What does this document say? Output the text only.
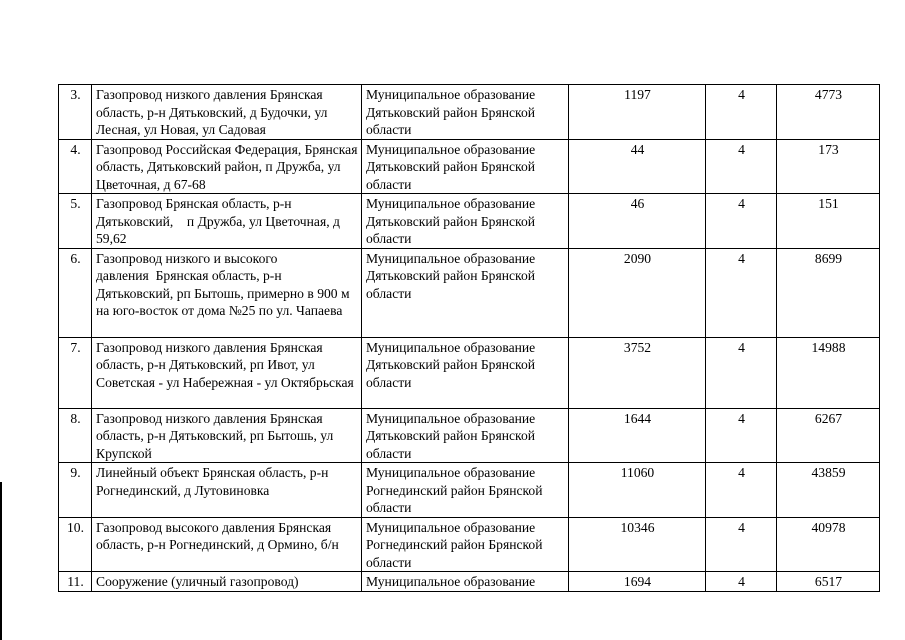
3.	Газопровод низкого давления Брянская область, р-н Дятьковский, д Будочки, ул Лесная, ул Новая, ул Садовая	Муниципальное образование Дятьковский район Брянской области	1197	4	4773
4.	Газопровод Российская Федерация, Брянская область, Дятьковский район, п Дружба, ул Цветочная, д 67-68	Муниципальное образование Дятьковский район Брянской области	44	4	173
5.	Газопровод Брянская область, р-н Дятьковский,    п Дружба, ул Цветочная, д 59,62	Муниципальное образование Дятьковский район Брянской области	46	4	151
6.	Газопровод низкого и высокого давления  Брянская область, р-н Дятьковский, рп Бытошь, примерно в 900 м на юго-восток от дома №25 по ул. Чапаева	Муниципальное образование Дятьковский район Брянской области	2090	4	8699
7.	Газопровод низкого давления Брянская область, р-н Дятьковский, рп Ивот, ул Советская - ул Набережная - ул Октябрьская	Муниципальное образование Дятьковский район Брянской области	3752	4	14988
8.	Газопровод низкого давления Брянская область, р-н Дятьковский, рп Бытошь, ул Крупской	Муниципальное образование Дятьковский район Брянской области	1644	4	6267
9.	Линейный объект Брянская область, р-н Рогнединский, д Лутовиновка	Муниципальное образование Рогнединский район Брянской области	11060	4	43859
10.	Газопровод высокого давления Брянская область, р-н Рогнединский, д Ормино, б/н	Муниципальное образование Рогнединский район Брянской области	10346	4	40978
11.	Сооружение (уличный газопровод)	Муниципальное образование	1694	4	6517
